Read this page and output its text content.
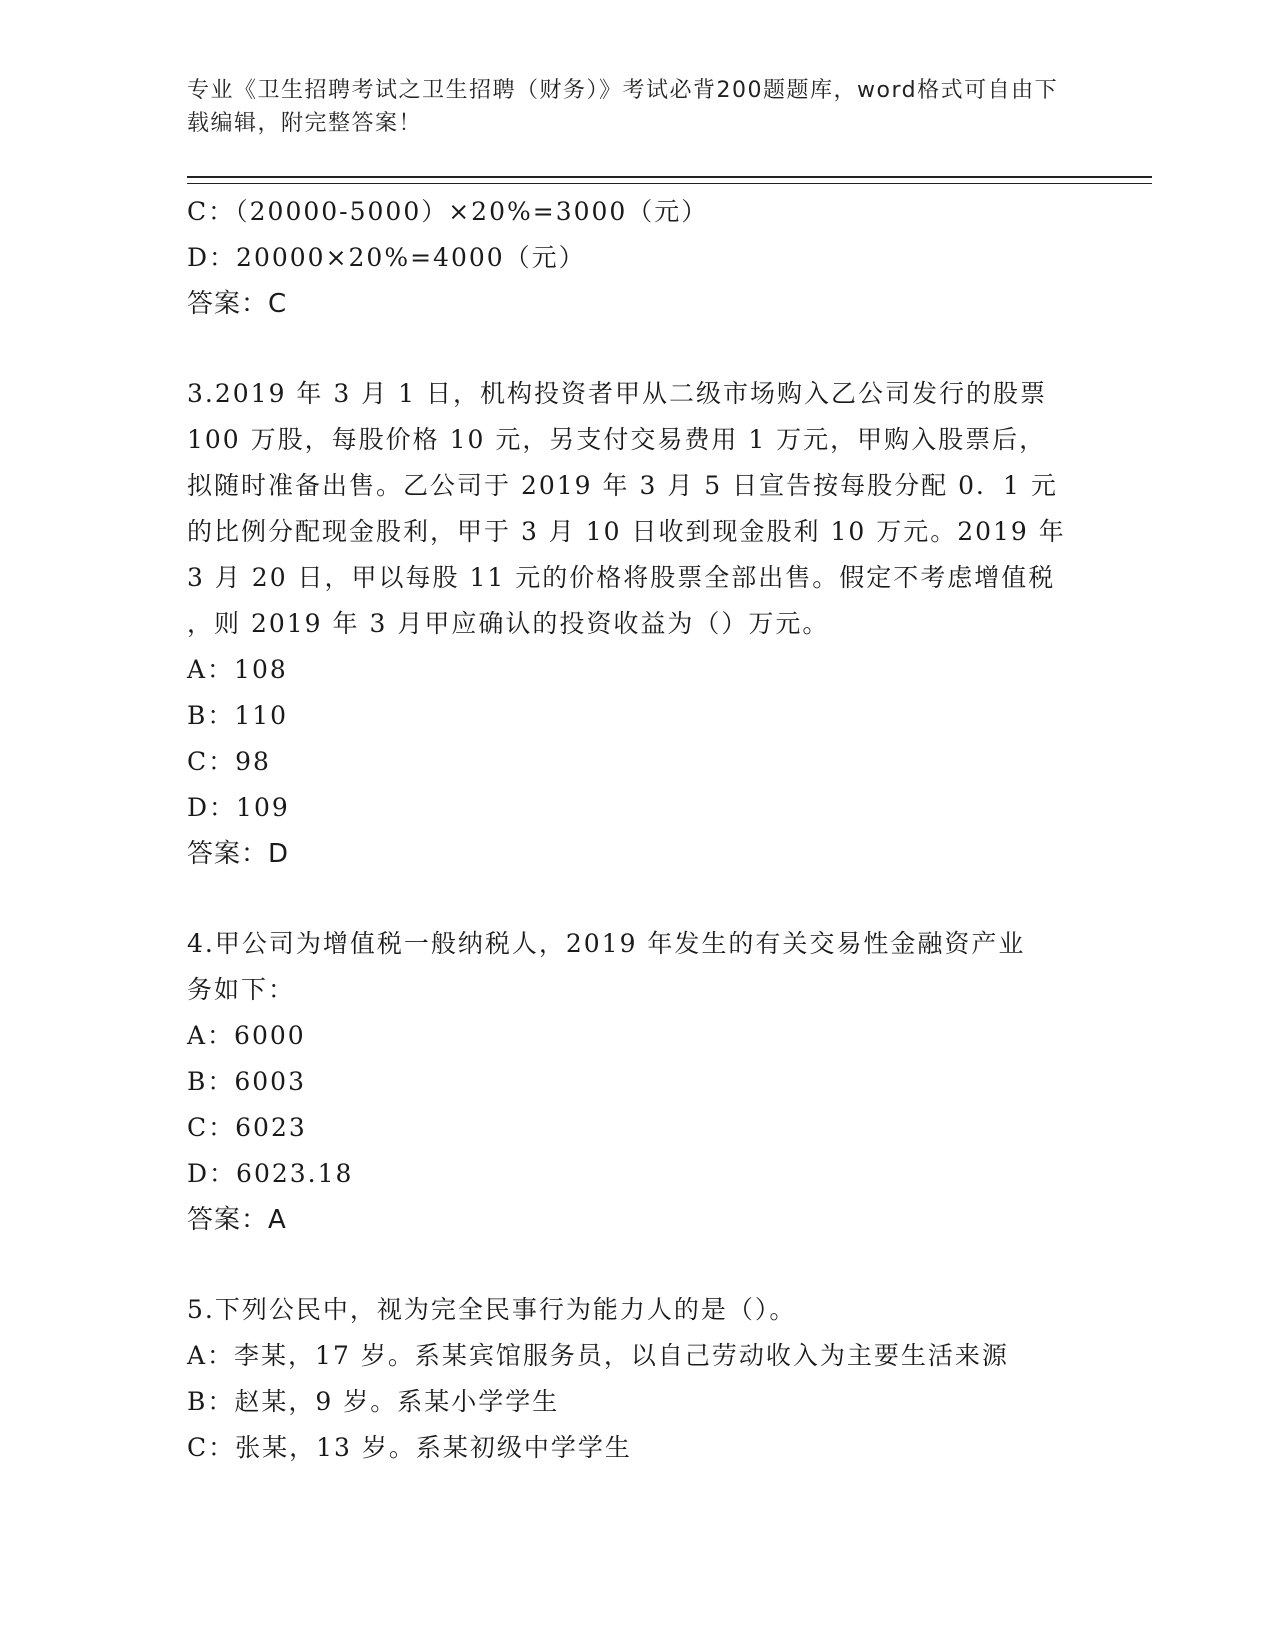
专业《卫生招聘考试之卫生招聘（财务）》考试必背200题题库，word格式可自由下载编辑，附完整答案！
C：（20000-5000）×20%=3000（元）
D：20000×20%=4000（元）
答案：C
3.2019 年 3 月 1 日，机构投资者甲从二级市场购入乙公司发行的股票
100 万股，每股价格 10 元，另支付交易费用 1 万元，甲购入股票后，
拟随时准备出售。乙公司于 2019 年 3 月 5 日宣告按每股分配 0．1 元
的比例分配现金股利，甲于 3 月 10 日收到现金股利 10 万元。2019 年
3 月 20 日，甲以每股 11 元的价格将股票全部出售。假定不考虑增值税
，则 2019 年 3 月甲应确认的投资收益为（）万元。
A：108
B：110
C：98
D：109
答案：D
4.甲公司为增值税一般纳税人，2019 年发生的有关交易性金融资产业
务如下：
A：6000
B：6003
C：6023
D：6023.18
答案：A
5.下列公民中，视为完全民事行为能力人的是（）。
A：李某，17 岁。系某宾馆服务员，以自己劳动收入为主要生活来源
B：赵某，9 岁。系某小学学生
C：张某，13 岁。系某初级中学学生
